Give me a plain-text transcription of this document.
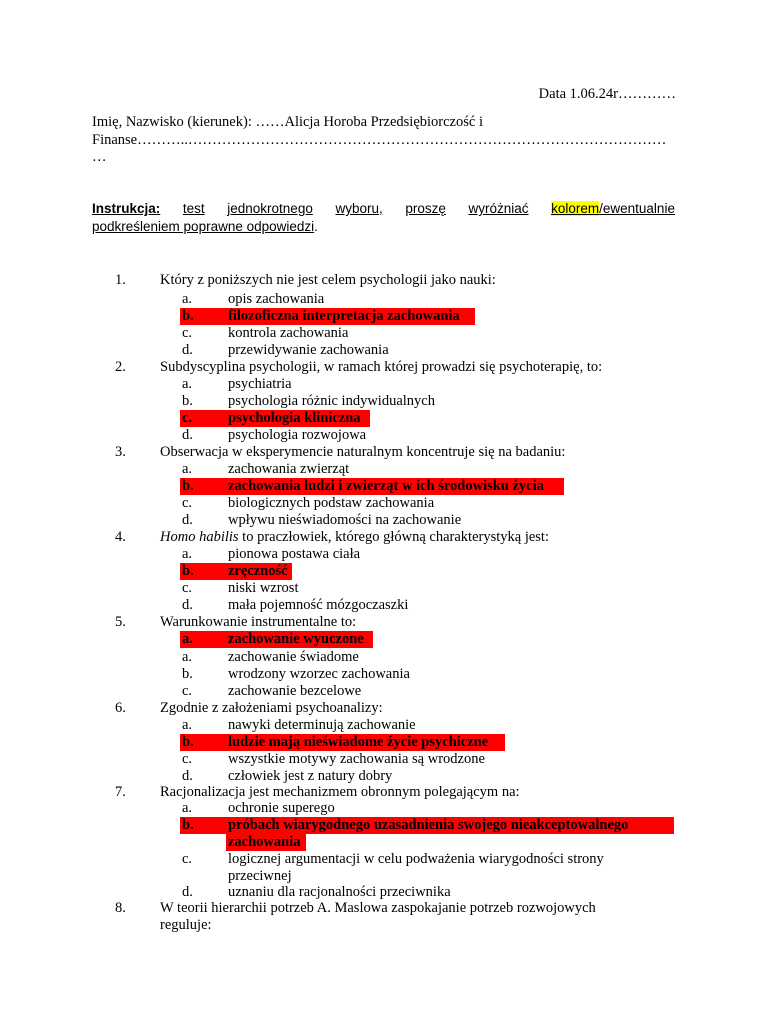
Data 1.06.24r…………
Imię, Nazwisko (kierunek): ……Alicja Horoba Przedsiębiorczość i
Finanse………..………………………………………………………………………………………
…
Instrukcja: test jednokrotnego wyboru, proszę wyróżniać kolorem/ewentualnie
podkreśleniem poprawne odpowiedzi.
1. Który z poniższych nie jest celem psychologii jako nauki:
a. opis zachowania
b. filozoficzna interpretacja zachowania
c. kontrola zachowania
d. przewidywanie zachowania
2. Subdyscyplina psychologii, w ramach której prowadzi się psychoterapię, to:
a. psychiatria
b. psychologia różnic indywidualnych
c. psychologia kliniczna
d. psychologia rozwojowa
3. Obserwacja w eksperymencie naturalnym koncentruje się na badaniu:
a. zachowania zwierząt
b. zachowania ludzi i zwierząt w ich środowisku życia
c. biologicznych podstaw zachowania
d. wpływu nieświadomości na zachowanie
4. Homo habilis to praczłowiek, którego główną charakterystyką jest:
a. pionowa postawa ciała
b. zręczność
c. niski wzrost
d. mała pojemność mózgoczaszki
5. Warunkowanie instrumentalne to:
a. zachowanie wyuczone
a. zachowanie świadome
b. wrodzony wzorzec zachowania
c. zachowanie bezcelowe
6. Zgodnie z założeniami psychoanalizy:
a. nawyki determinują zachowanie
b. ludzie mają nieświadome życie psychiczne
c. wszystkie motywy zachowania są wrodzone
d. człowiek jest z natury dobry
7. Racjonalizacja jest mechanizmem obronnym polegającym na:
a. ochronie superego
b. próbach wiarygodnego uzasadnienia swojego nieakceptowalnego
zachowania
c. logicznej argumentacji w celu podważenia wiarygodności strony
przeciwnej
d. uznaniu dla racjonalności przeciwnika
8. W teorii hierarchii potrzeb A. Maslowa zaspokajanie potrzeb rozwojowych
reguluje:
